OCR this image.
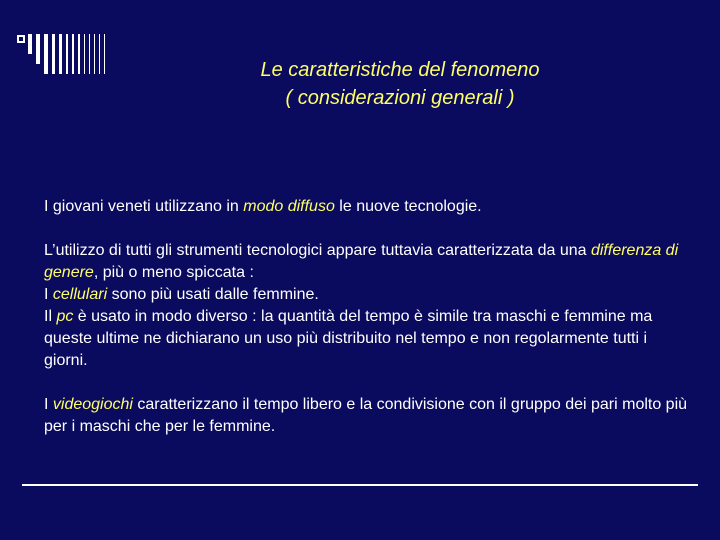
Le caratteristiche del fenomeno
( considerazioni generali )

I giovani veneti utilizzano in modo diffuso le nuove tecnologie.

L’utilizzo di tutti gli strumenti tecnologici appare tuttavia caratterizzata da una differenza di genere, più o meno spiccata :

I cellulari sono più usati dalle femmine.

Il pc è usato in modo diverso : la quantità del tempo è simile tra maschi e femmine ma queste ultime ne dichiarano un uso più distribuito nel tempo e non regolarmente tutti i giorni.

I videogiochi caratterizzano il tempo libero e la condivisione con il gruppo dei pari molto più per i maschi che per le femmine.
